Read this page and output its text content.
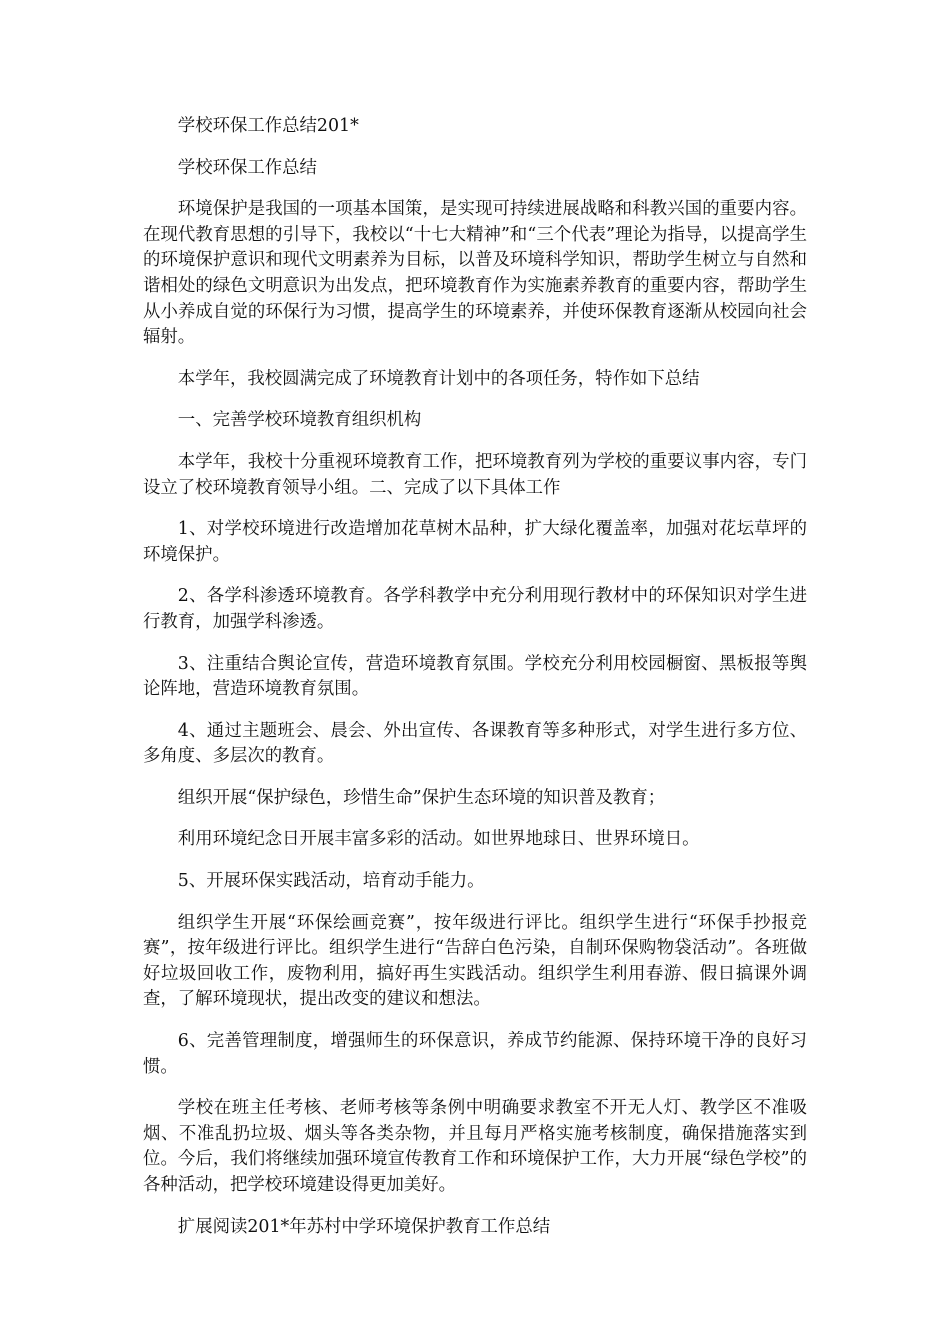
学校环保工作总结201*

学校环保工作总结

环境保护是我国的一项基本国策，是实现可持续进展战略和科教兴国的重要内容。在现代教育思想的引导下，我校以“十七大精神”和“三个代表”理论为指导，以提高学生的环境保护意识和现代文明素养为目标，以普及环境科学知识，帮助学生树立与自然和谐相处的绿色文明意识为出发点，把环境教育作为实施素养教育的重要内容，帮助学生从小养成自觉的环保行为习惯，提高学生的环境素养，并使环保教育逐渐从校园向社会辐射。

本学年，我校圆满完成了环境教育计划中的各项任务，特作如下总结

一、完善学校环境教育组织机构

本学年，我校十分重视环境教育工作，把环境教育列为学校的重要议事内容，专门设立了校环境教育领导小组。二、完成了以下具体工作

1、对学校环境进行改造增加花草树木品种，扩大绿化覆盖率，加强对花坛草坪的环境保护。

2、各学科渗透环境教育。各学科教学中充分利用现行教材中的环保知识对学生进行教育，加强学科渗透。

3、注重结合舆论宣传，营造环境教育氛围。学校充分利用校园橱窗、黑板报等舆论阵地，营造环境教育氛围。

4、通过主题班会、晨会、外出宣传、各课教育等多种形式，对学生进行多方位、多角度、多层次的教育。

组织开展“保护绿色，珍惜生命”保护生态环境的知识普及教育；

利用环境纪念日开展丰富多彩的活动。如世界地球日、世界环境日。

5、开展环保实践活动，培育动手能力。

组织学生开展“环保绘画竞赛”，按年级进行评比。组织学生进行“环保手抄报竞赛”，按年级进行评比。组织学生进行“告辞白色污染，自制环保购物袋活动”。各班做好垃圾回收工作，废物利用，搞好再生实践活动。组织学生利用春游、假日搞课外调查，了解环境现状，提出改变的建议和想法。

6、完善管理制度，增强师生的环保意识，养成节约能源、保持环境干净的良好习惯。

学校在班主任考核、老师考核等条例中明确要求教室不开无人灯、教学区不准吸烟、不准乱扔垃圾、烟头等各类杂物，并且每月严格实施考核制度，确保措施落实到位。今后，我们将继续加强环境宣传教育工作和环境保护工作，大力开展“绿色学校”的各种活动，把学校环境建设得更加美好。

扩展阅读201*年苏村中学环境保护教育工作总结
